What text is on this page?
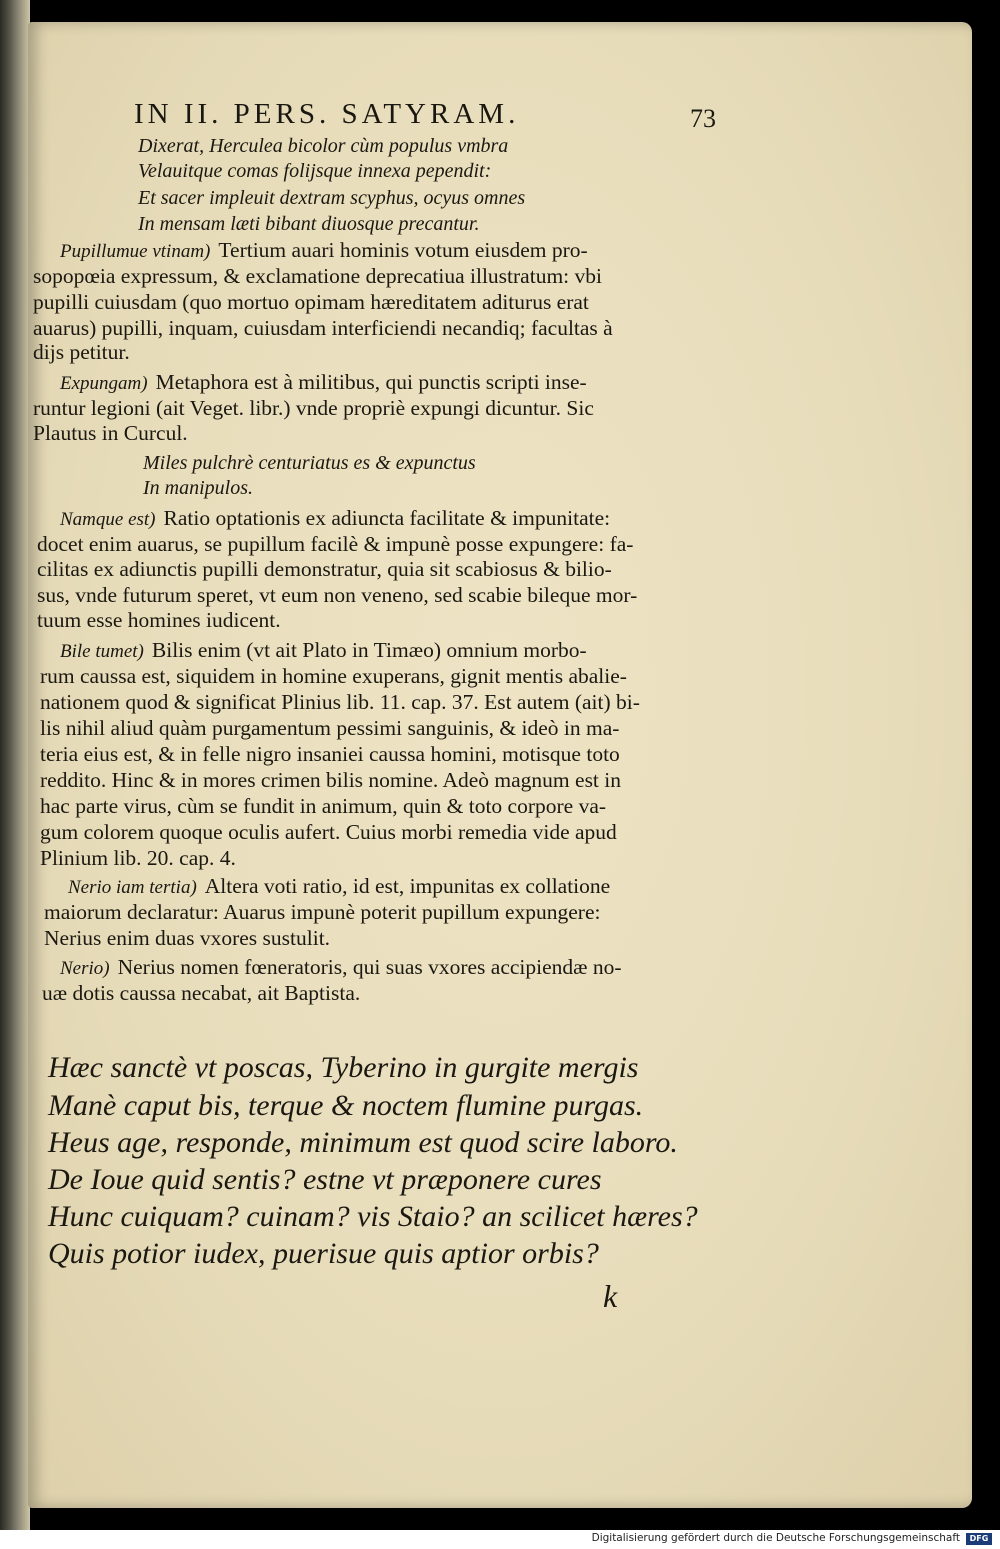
IN II. PERS. SATYRAM.	73
Dixerat, Herculea bicolor cùm populus vmbra
Velauitque comas folijsque innexa pependit:
Et sacer impleuit dextram scyphus, ocyus omnes
In mensam læti bibant diuosque precantur.
Pupillumue vtinam) Tertium auari hominis votum eiusdem pro-
sopopœia expressum, & exclamatione deprecatiua illustratum: vbi
pupilli cuiusdam (quo mortuo opimam hæreditatem aditurus erat
auarus) pupilli, inquam, cuiusdam interficiendi necandiq; facultas à
dijs petitur.
Expungam) Metaphora est à militibus, qui punctis scripti inse-
runtur legioni (ait Veget. libr.) vnde propriè expungi dicuntur. Sic
Plautus in Curcul.
Miles pulchrè centuriatus es & expunctus
In manipulos.
Namque est) Ratio optationis ex adiuncta facilitate & impunitate:
docet enim auarus, se pupillum facilè & impunè posse expungere: fa-
cilitas ex adiunctis pupilli demonstratur, quia sit scabiosus & bilio-
sus, vnde futurum speret, vt eum non veneno, sed scabie bileque mor-
tuum esse homines iudicent.
Bile tumet) Bilis enim (vt ait Plato in Timæo) omnium morbo-
rum caussa est, siquidem in homine exuperans, gignit mentis abalie-
nationem quod & significat Plinius lib. 11. cap. 37. Est autem (ait) bi-
lis nihil aliud quàm purgamentum pessimi sanguinis, & ideò in ma-
teria eius est, & in felle nigro insaniei caussa homini, motisque toto
reddito. Hinc & in mores crimen bilis nomine. Adeò magnum est in
hac parte virus, cùm se fundit in animum, quin & toto corpore va-
gum colorem quoque oculis aufert. Cuius morbi remedia vide apud
Plinium lib. 20. cap. 4.
Nerio iam tertia) Altera voti ratio, id est, impunitas ex collatione
maiorum declaratur: Auarus impunè poterit pupillum expungere:
Nerius enim duas vxores sustulit.
Nerio) Nerius nomen fœneratoris, qui suas vxores accipiendæ no-
uæ dotis caussa necabat, ait Baptista.
Hæc sanctè vt poscas, Tyberino in gurgite mergis
Manè caput bis, terque & noctem flumine purgas.
Heus age, responde, minimum est quod scire laboro.
De Ioue quid sentis? estne vt præponere cures
Hunc cuiquam? cuinam? vis Staio? an scilicet hæres?
Quis potior iudex, puerisue quis aptior orbis?
k
Digitalisierung gefördert durch die Deutsche Forschungsgemeinschaft	DFG
